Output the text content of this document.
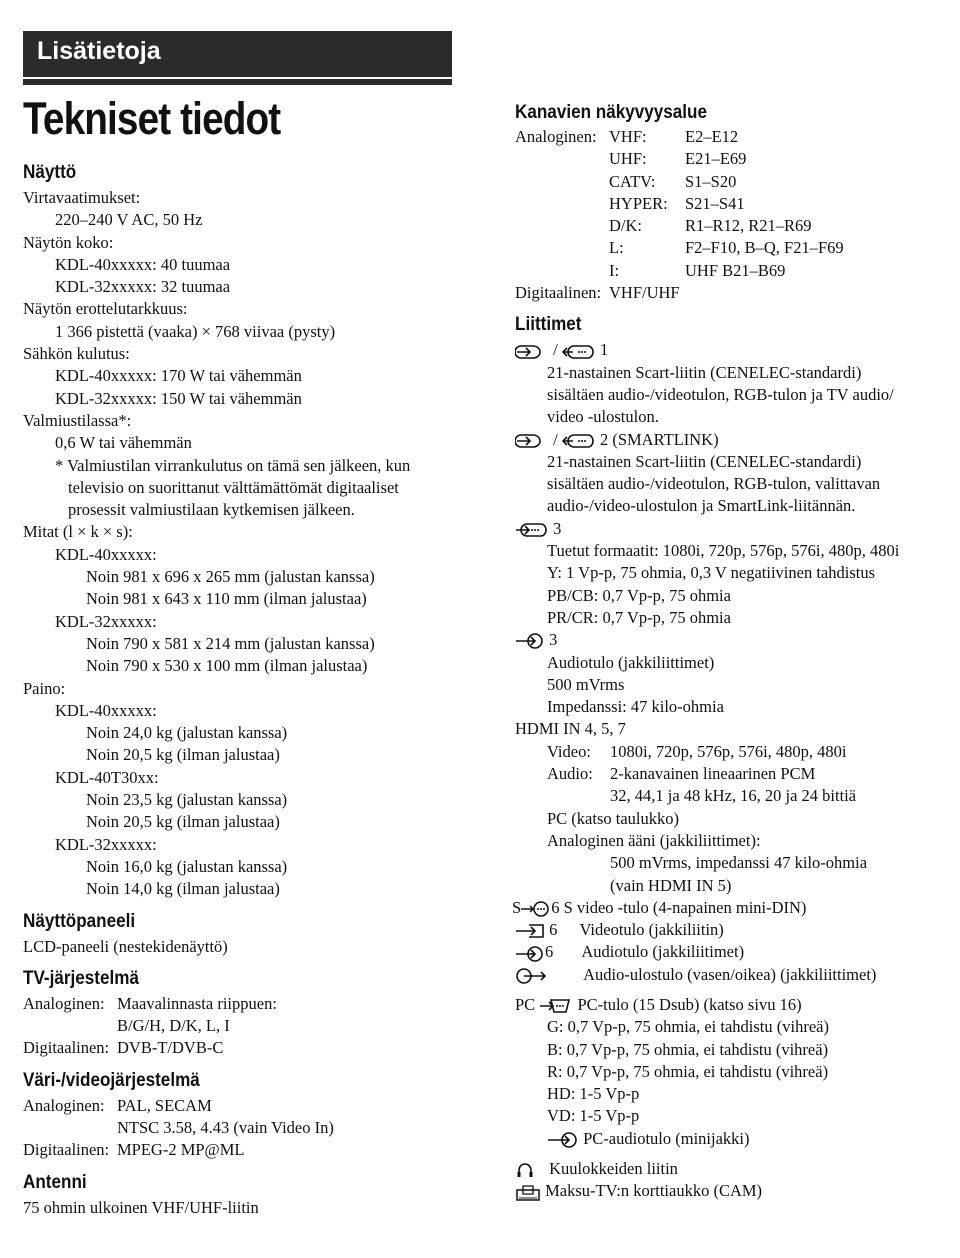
Lisätietoja
Tekniset tiedot
Näyttö
Virtavaatimukset:
220–240 V AC, 50 Hz
Näytön koko:
KDL-40xxxxx: 40 tuumaa
KDL-32xxxxx: 32 tuumaa
Näytön erottelutarkkuus:
1 366 pistettä (vaaka) × 768 viivaa (pysty)
Sähkön kulutus:
KDL-40xxxxx: 170 W tai vähemmän
KDL-32xxxxx: 150 W tai vähemmän
Valmiustilassa*:
0,6 W tai vähemmän
* Valmiustilan virrankulutus on tämä sen jälkeen, kun
televisio on suorittanut välttämättömät digitaaliset
prosessit valmiustilaan kytkemisen jälkeen.
Mitat (l × k × s):
KDL-40xxxxx:
Noin 981 x 696 x 265 mm (jalustan kanssa)
Noin 981 x 643 x 110 mm (ilman jalustaa)
KDL-32xxxxx:
Noin 790 x 581 x 214 mm (jalustan kanssa)
Noin 790 x 530 x 100 mm (ilman jalustaa)
Paino:
KDL-40xxxxx:
Noin 24,0 kg (jalustan kanssa)
Noin 20,5 kg (ilman jalustaa)
KDL-40T30xx:
Noin 23,5 kg (jalustan kanssa)
Noin 20,5 kg (ilman jalustaa)
KDL-32xxxxx:
Noin 16,0 kg (jalustan kanssa)
Noin 14,0 kg (ilman jalustaa)
Näyttöpaneeli
LCD-paneeli (nestekidenäyttö)
TV-järjestelmä
Analoginen: Maavalinnasta riippuen:
B/G/H, D/K, L, I
Digitaalinen: DVB-T/DVB-C
Väri-/videojärjestelmä
Analoginen: PAL, SECAM
NTSC 3.58, 4.43 (vain Video In)
Digitaalinen: MPEG-2 MP@ML
Antenni
75 ohmin ulkoinen VHF/UHF-liitin
Kanavien näkyvyysalue
Analoginen: VHF:	E2–E12
UHF:	E21–E69
CATV:	S1–S20
HYPER:	S21–S41
D/K:	R1–R12, R21–R69
L:	F2–F10, B–Q, F21–F69
I:	UHF B21–B69
Digitaalinen: VHF/UHF
Liittimet
/	1
21-nastainen Scart-liitin (CENELEC-standardi)
sisältäen audio-/videotulon, RGB-tulon ja TV audio/
video -ulostulon.
/	2 (SMARTLINK)
21-nastainen Scart-liitin (CENELEC-standardi)
sisältäen audio-/videotulon, RGB-tulon, valittavan
audio-/video-ulostulon ja SmartLink-liitännän.
3
Tuetut formaatit: 1080i, 720p, 576p, 576i, 480p, 480i
Y: 1 Vp-p, 75 ohmia, 0,3 V negatiivinen tahdistus
PB/CB: 0,7 Vp-p, 75 ohmia
PR/CR: 0,7 Vp-p, 75 ohmia
3
Audiotulo (jakkiliittimet)
500 mVrms
Impedanssi: 47 kilo-ohmia
HDMI IN 4, 5, 7
Video:	1080i, 720p, 576p, 576i, 480p, 480i
Audio:	2-kanavainen lineaarinen PCM
32, 44,1 ja 48 kHz, 16, 20 ja 24 bittiä
PC (katso taulukko)
Analoginen ääni (jakkiliittimet):
500 mVrms, impedanssi 47 kilo-ohmia
(vain HDMI IN 5)
S 6 S video -tulo (4-napainen mini-DIN)
6 Videotulo (jakkiliitin)
6 Audiotulo (jakkiliitimet)
Audio-ulostulo (vasen/oikea) (jakkiliittimet)
PC	PC-tulo (15 Dsub) (katso sivu 16)
G: 0,7 Vp-p, 75 ohmia, ei tahdistu (vihreä)
B: 0,7 Vp-p, 75 ohmia, ei tahdistu (vihreä)
R: 0,7 Vp-p, 75 ohmia, ei tahdistu (vihreä)
HD: 1-5 Vp-p
VD: 1-5 Vp-p
PC-audiotulo (minijakki)
Kuulokkeiden liitin
Maksu-TV:n korttiaukko (CAM)
